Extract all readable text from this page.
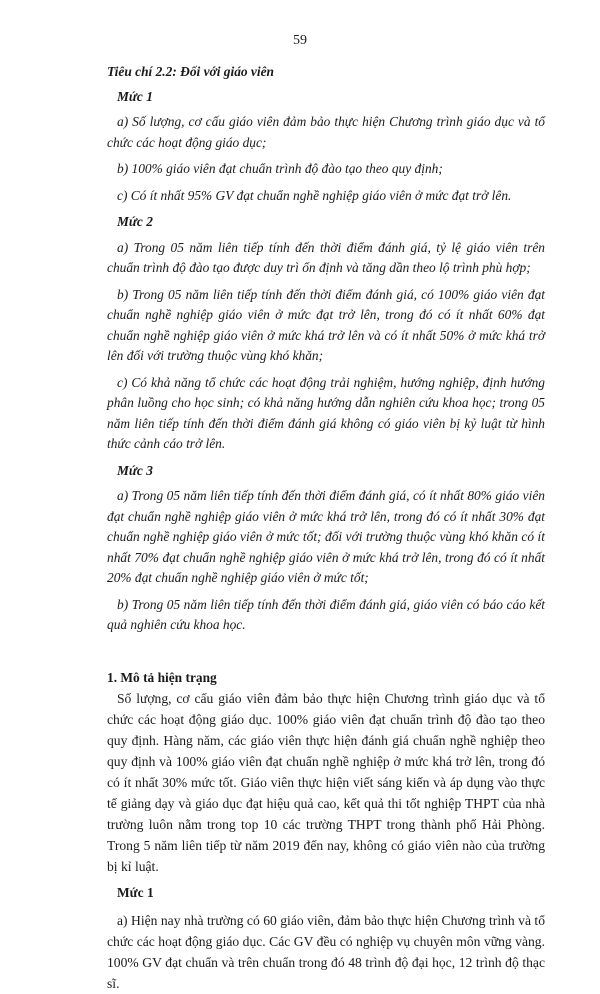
59

Tiêu chí 2.2: Đối với giáo viên

Mức 1

a) Số lượng, cơ cấu giáo viên đảm bảo thực hiện Chương trình giáo dục và tổ chức các hoạt động giáo dục;

b) 100% giáo viên đạt chuẩn trình độ đào tạo theo quy định;

c) Có ít nhất 95% GV đạt chuẩn nghề nghiệp giáo viên ở mức đạt trở lên.

Mức 2

a) Trong 05 năm liên tiếp tính đến thời điểm đánh giá, tỷ lệ giáo viên trên chuẩn trình độ đào tạo được duy trì ổn định và tăng dần theo lộ trình phù hợp;

b) Trong 05 năm liên tiếp tính đến thời điểm đánh giá, có 100% giáo viên đạt chuẩn nghề nghiệp giáo viên ở mức đạt trở lên, trong đó có ít nhất 60% đạt chuẩn nghề nghiệp giáo viên ở mức khá trở lên và có ít nhất 50% ở mức khá trở lên đối với trường thuộc vùng khó khăn;

c) Có khả năng tổ chức các hoạt động trải nghiệm, hướng nghiệp, định hướng phân luồng cho học sinh; có khả năng hướng dẫn nghiên cứu khoa học; trong 05 năm liên tiếp tính đến thời điểm đánh giá không có giáo viên bị kỷ luật từ hình thức cảnh cáo trở lên.

Mức 3

a) Trong 05 năm liên tiếp tính đến thời điểm đánh giá, có ít nhất 80% giáo viên đạt chuẩn nghề nghiệp giáo viên ở mức khá trở lên, trong đó có ít nhất 30% đạt chuẩn nghề nghiệp giáo viên ở mức tốt; đối với trường thuộc vùng khó khăn có ít nhất 70% đạt chuẩn nghề nghiệp giáo viên ở mức khá trở lên, trong đó có ít nhất 20% đạt chuẩn nghề nghiệp giáo viên ở mức tốt;

b) Trong 05 năm liên tiếp tính đến thời điểm đánh giá, giáo viên có báo cáo kết quả nghiên cứu khoa học.

1. Mô tả hiện trạng

Số lượng, cơ cấu giáo viên đảm bảo thực hiện Chương trình giáo dục và tổ chức các hoạt động giáo dục. 100% giáo viên đạt chuẩn trình độ đào tạo theo quy định. Hàng năm, các giáo viên thực hiện đánh giá chuẩn nghề nghiệp theo quy định và 100% giáo viên đạt chuẩn nghề nghiệp ở mức khá trở lên, trong đó có ít nhất 30% mức tốt. Giáo viên thực hiện viết sáng kiến và áp dụng vào thực tế giảng dạy và giáo dục đạt hiệu quả cao, kết quả thi tốt nghiệp THPT của nhà trường luôn nằm trong top 10 các trường THPT trong thành phố Hải Phòng. Trong 5 năm liên tiếp từ năm 2019 đến nay, không có giáo viên nào của trường bị kỉ luật.

Mức 1

a) Hiện nay nhà trường có 60 giáo viên, đảm bảo thực hiện Chương trình và tổ chức các hoạt động giáo dục. Các GV đều có nghiệp vụ chuyên môn vững vàng. 100% GV đạt chuẩn và trên chuẩn trong đó 48 trình độ đại học, 12 trình độ thạc sĩ.
